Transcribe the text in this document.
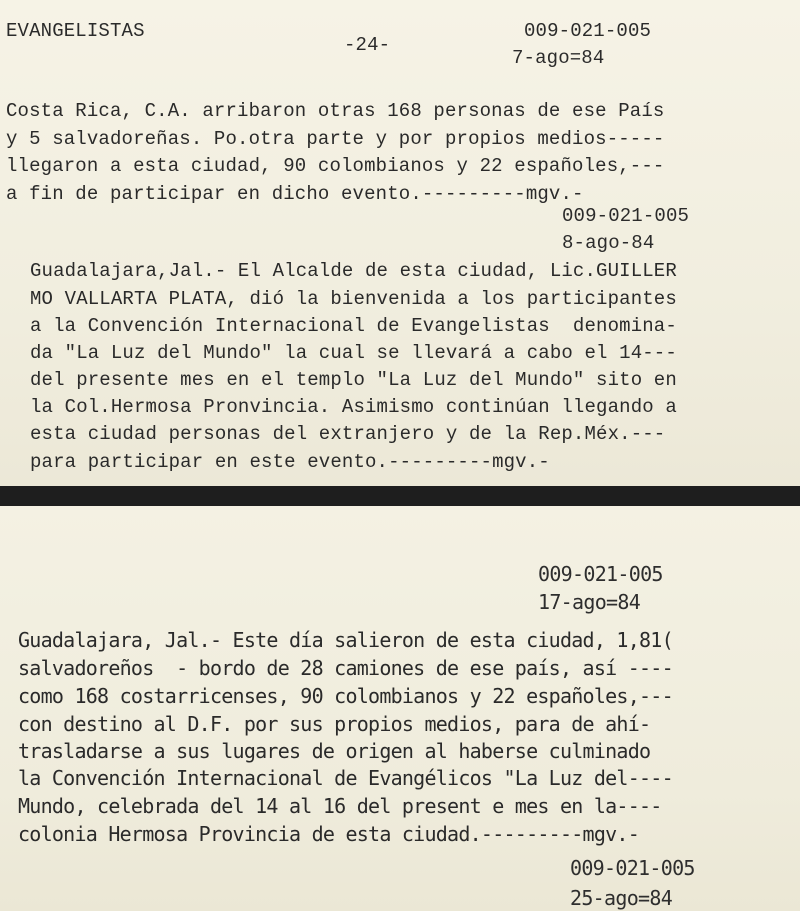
EVANGELISTAS
-24-
009-021-005
7-ago=84
Costa Rica, C.A. arribaron otras 168 personas de ese País
y 5 salvadoreñas. Po.otra parte y por propios medios-----
llegaron a esta ciudad, 90 colombianos y 22 españoles,---
a fin de participar en dicho evento.---------mgv.-
009-021-005
8-ago-84
Guadalajara,Jal.- El Alcalde de esta ciudad, Lic.GUILLER
MO VALLARTA PLATA, dió la bienvenida a los participantes
a la Convención Internacional de Evangelistas  denomina-
da "La Luz del Mundo" la cual se llevará a cabo el 14---
del presente mes en el templo "La Luz del Mundo" sito en
la Col.Hermosa Pronvincia. Asimismo continúan llegando a
esta ciudad personas del extranjero y de la Rep.Méx.---
para participar en este evento.---------mgv.-
009-021-005
17-ago=84
Guadalajara, Jal.- Este día salieron de esta ciudad, 1,81(
salvadoreños  - bordo de 28 camiones de ese país, así ----
como 168 costarricenses, 90 colombianos y 22 españoles,---
con destino al D.F. por sus propios medios, para de ahí-
trasladarse a sus lugares de origen al haberse culminado
la Convención Internacional de Evangélicos "La Luz del----
Mundo, celebrada del 14 al 16 del present e mes en la----
colonia Hermosa Provincia de esta ciudad.---------mgv.-
009-021-005
25-ago=84
